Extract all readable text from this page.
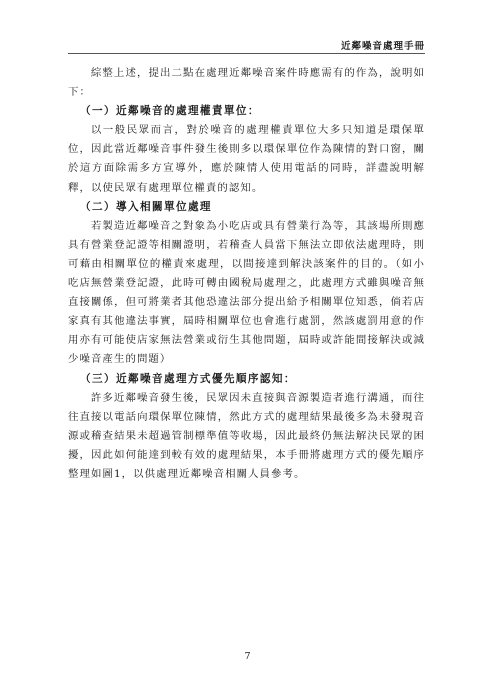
近鄰噪音處理手冊

綜整上述，提出二點在處理近鄰噪音案件時應需有的作為，說明如下：

（一）近鄰噪音的處理權責單位：

以一般民眾而言，對於噪音的處理權責單位大多只知道是環保單位，因此當近鄰噪音事件發生後則多以環保單位作為陳情的對口窗，關於這方面除需多方宣導外，應於陳情人使用電話的同時，詳盡說明解釋，以使民眾有處理單位權責的認知。

（二）導入相關單位處理

若製造近鄰噪音之對象為小吃店或具有營業行為等，其該場所則應具有營業登記證等相關證明，若稽查人員當下無法立即依法處理時，則可藉由相關單位的權責來處理，以間接達到解決該案件的目的。（如小吃店無營業登記證，此時可轉由國稅局處理之，此處理方式雖與噪音無直接關係，但可將業者其他恐違法部分提出給予相關單位知悉，倘若店家真有其他違法事實，屆時相關單位也會進行處罰，然該處罰用意的作用亦有可能使店家無法營業或衍生其他問題，屆時或許能間接解決或減少噪音產生的問題）

（三）近鄰噪音處理方式優先順序認知：

許多近鄰噪音發生後，民眾因未直接與音源製造者進行溝通，而往往直接以電話向環保單位陳情，然此方式的處理結果最後多為未發現音源或稽查結果未超過管制標準值等收場，因此最終仍無法解決民眾的困擾，因此如何能達到較有效的處理結果，本手冊將處理方式的優先順序整理如圖1，以供處理近鄰噪音相關人員參考。

7
